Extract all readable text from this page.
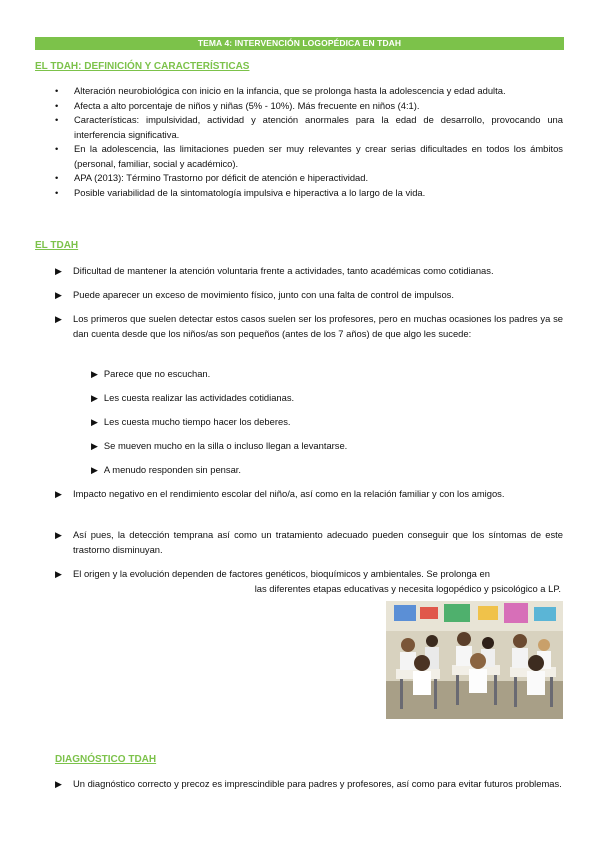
TEMA 4: INTERVENCIÓN LOGOPÉDICA EN TDAH
EL TDAH: DEFINICIÓN Y CARACTERÍSTICAS
• Alteración neurobiológica con inicio en la infancia, que se prolonga hasta la adolescencia y edad adulta.
• Afecta a alto porcentaje de niños y niñas (5% - 10%). Más frecuente en niños (4:1).
• Características: impulsividad, actividad y atención anormales para la edad de desarrollo, provocando una interferencia significativa.
• En la adolescencia, las limitaciones pueden ser muy relevantes y crear serias dificultades en todos los ámbitos (personal, familiar, social y académico).
• APA (2013): Término Trastorno por déficit de atención e hiperactividad.
• Posible variabilidad de la sintomatología impulsiva e hiperactiva a lo largo de la vida.
EL TDAH
▶	Dificultad de mantener la atención voluntaria frente a actividades, tanto académicas como cotidianas.
▶	Puede aparecer un exceso de movimiento físico, junto con una falta de control de impulsos.
▶	Los primeros que suelen detectar estos casos suelen ser los profesores, pero en muchas ocasiones los padres ya se dan cuenta desde que los niños/as son pequeños (antes de los 7 años) de que algo les sucede:
▶ Parece que no escuchan.
▶ Les cuesta realizar las actividades cotidianas.
▶ Les cuesta mucho tiempo hacer los deberes.
▶ Se mueven mucho en la silla o incluso llegan a levantarse.
▶ A menudo responden sin pensar.
▶	Impacto negativo en el rendimiento escolar del niño/a, así como en la relación familiar y con los amigos.
▶	Así pues, la detección temprana así como un tratamiento adecuado pueden conseguir que los síntomas de este trastorno disminuyan.
▶	El origen y la evolución dependen de factores genéticos, bioquímicos y ambientales. Se prolonga en
las diferentes etapas educativas y necesita logopédico y psicológico a LP.
DIAGNÓSTICO TDAH
▶	Un diagnóstico correcto y precoz es imprescindible para padres y profesores, así como para evitar futuros problemas.
